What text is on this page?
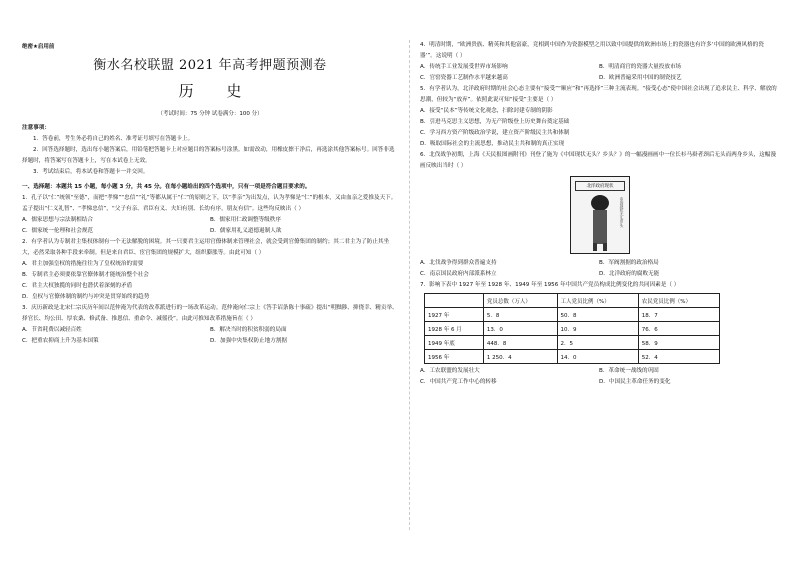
绝密★启用前
衡水名校联盟 2021 年高考押题预测卷
历 史
（考试时间：75 分钟 试卷满分：100 分）
注意事项：
1．答卷前，考生务必将自己的姓名、准考证号填写在答题卡上。
2．回答选择题时，选出每小题答案后，用铅笔把答题卡上对应题目的答案标号涂黑。如需改动，用橡皮擦干净后，再选涂其他答案标号。回答非选择题时，将答案写在答题卡上，写在本试卷上无效。
3．考试结束后，将本试卷和答题卡一并交回。
一、选择题：本题共 15 小题，每小题 3 分，共 45 分。在每小题给出的四个选项中，只有一项是符合题目要求的。
1．孔子以“仁”统领“至德”，而把“孝悌”“忠信”“礼”等都从属于“仁”的原则之下，以“孝亲”为出发点，认为孝悌是“仁”的根本，又由血亲之爱推及天下。孟子提出“仁义礼智”、“孝悌忠信”，“父子有亲、君臣有义、夫妇有别、长幼有序，朋友有信”。这些均反映出（ ）
A．儒家思想与宗法制相结合	B．儒家用仁政调整等级秩序
C．儒家统一伦理和社会规范	D．儒家用礼义道德遏制人欲
2．有学者认为专制君主集权体制有一个无法解脱的困境。其一只要君主运用官僚体制来管理社会，就会受到官僚集团的制约；其二君主为了防止其坐大，必然采取各种手段来牵制。但是来自君臣、宦官集团的规模扩大，组织膨胀等。由此可知（ ）
A．君主加强皇权的措施往往为了皇权统治的需要
B．专制君主必须要依靠官僚体制才能统治整个社会
C．君主大权独揽的同时也潜伏着深刻的矛盾
D．皇权与官僚体制的制约与冲突是贯穿始终的趋势
3．庆历新政是北宋仁宗庆历年间以范仲淹为代表的改革派进行的一场改革运动。范仲淹向仁宗上《答手诏条陈十事疏》提出“明黜陟、抑侥幸、精贡举、择官长、均公田、厚农桑、修武备、推恩信、重命令、减徭役”。由此可推知改革措施旨在（ ）
A．节省耗费以减轻百姓	B．解决当时的积贫积弱的局面
C．把重农抑商上升为基本国策	D．加强中央集权防止地方割据
4．明清时期，“欧洲贵族、精英和其他富豪，竞相到中国作为瓷器模型之用以致中国提供的欧洲市场上的瓷器也有许多‘中国的欧洲风格的瓷器’”。这说明（ ）
A．传统手工业发展受世界市场影响	B．明清商官的瓷器大量投放市场
C．官窑瓷器工艺制作水平越来越高	D．欧洲普遍采用中国的制瓷技艺
5．有学者认为，北洋政府时期的社会心态主要有“接受”“顺应”和“再选择”三种主流表现。“接受心态”使中国社会出现了追求民主、科学、解放的思潮，但较为“放弃”。依照此说可知“接受”主要是（ ）
A．接受“民本”等传统文化观念，扫除封建专制的阴影
B．引进马克思主义思想，为无产阶级登上历史舞台奠定基础
C．学习西方资产阶级政治学说，建立资产阶级民主共和体制
D．吸取国际社会的主流思想，推动民主共和制的真正实现
6．北伐战争初期，上海《天民报图画附刊》刊登了施为《中国现状无头？乡头？》的一幅漫画画中一位长衫马褂者颈后无头而两身乡头，这幅漫画反映出当时（ ）
北洋政府现状
中国现状无头乡头
A．北伐战争得到群众普遍支持	B．军阀割据的政治格局
C．南京国民政府内部派系林立	D．北洋政府的腐败无能
7．影响下表中 1927 年至 1928 年、1949 年至 1956 年中国共产党员构成比例变化的共同因素是（ ）
	党员总数（万人）	工人党员比例（%）	农民党员比例（%）
1927 年	5．8	50．8	18．7
1928 年 6 月	13．0	10．9	76．6
1949 年底	448．8	2．5	58．9
1956 年	1 250．4	14．0	52．4
A．工农联盟的发展壮大	B．革命统一战线的巩固
C．中国共产党工作中心的转移	D．中国民主革命任务的变化
